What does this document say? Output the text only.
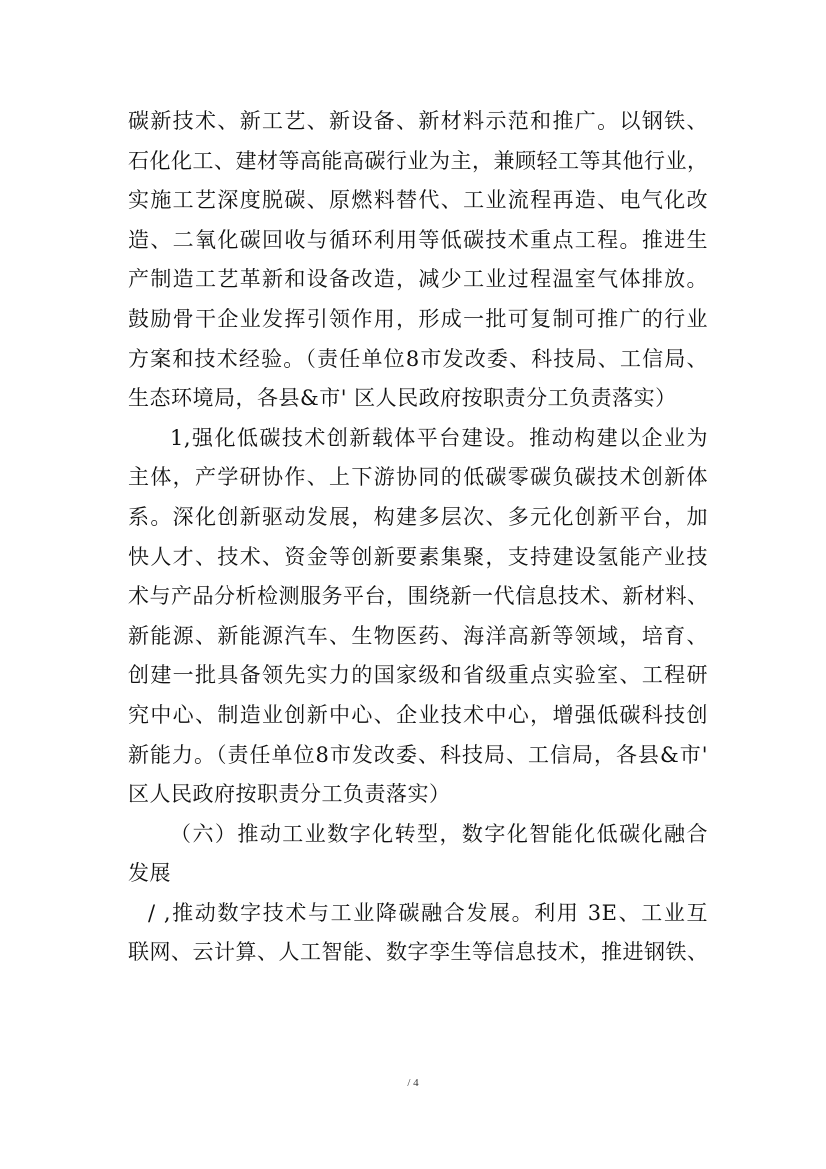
碳新技术、新工艺、新设备、新材料示范和推广。以钢铁、
石化化工、建材等高能高碳行业为主，兼顾轻工等其他行业，
实施工艺深度脱碳、原燃料替代、工业流程再造、电气化改
造、二氧化碳回收与循环利用等低碳技术重点工程。推进生
产制造工艺革新和设备改造，减少工业过程温室气体排放。
鼓励骨干企业发挥引领作用，形成一批可复制可推广的行业
方案和技术经验。（责任单位8市发改委、科技局、工信局、
生态环境局，各县&市' 区人民政府按职责分工负责落实）
1,强化低碳技术创新载体平台建设。推动构建以企业为
主体，产学研协作、上下游协同的低碳零碳负碳技术创新体
系。深化创新驱动发展，构建多层次、多元化创新平台，加
快人才、技术、资金等创新要素集聚，支持建设氢能产业技
术与产品分析检测服务平台，围绕新一代信息技术、新材料、
新能源、新能源汽车、生物医药、海洋高新等领域，培育、
创建一批具备领先实力的国家级和省级重点实验室、工程研
究中心、制造业创新中心、企业技术中心，增强低碳科技创
新能力。（责任单位8市发改委、科技局、工信局，各县&市'
区人民政府按职责分工负责落实）
（六）推动工业数字化转型，数字化智能化低碳化融合
发展
/ ,推动数字技术与工业降碳融合发展。利用 3E、工业互
联网、云计算、人工智能、数字孪生等信息技术，推进钢铁、
/ 4
